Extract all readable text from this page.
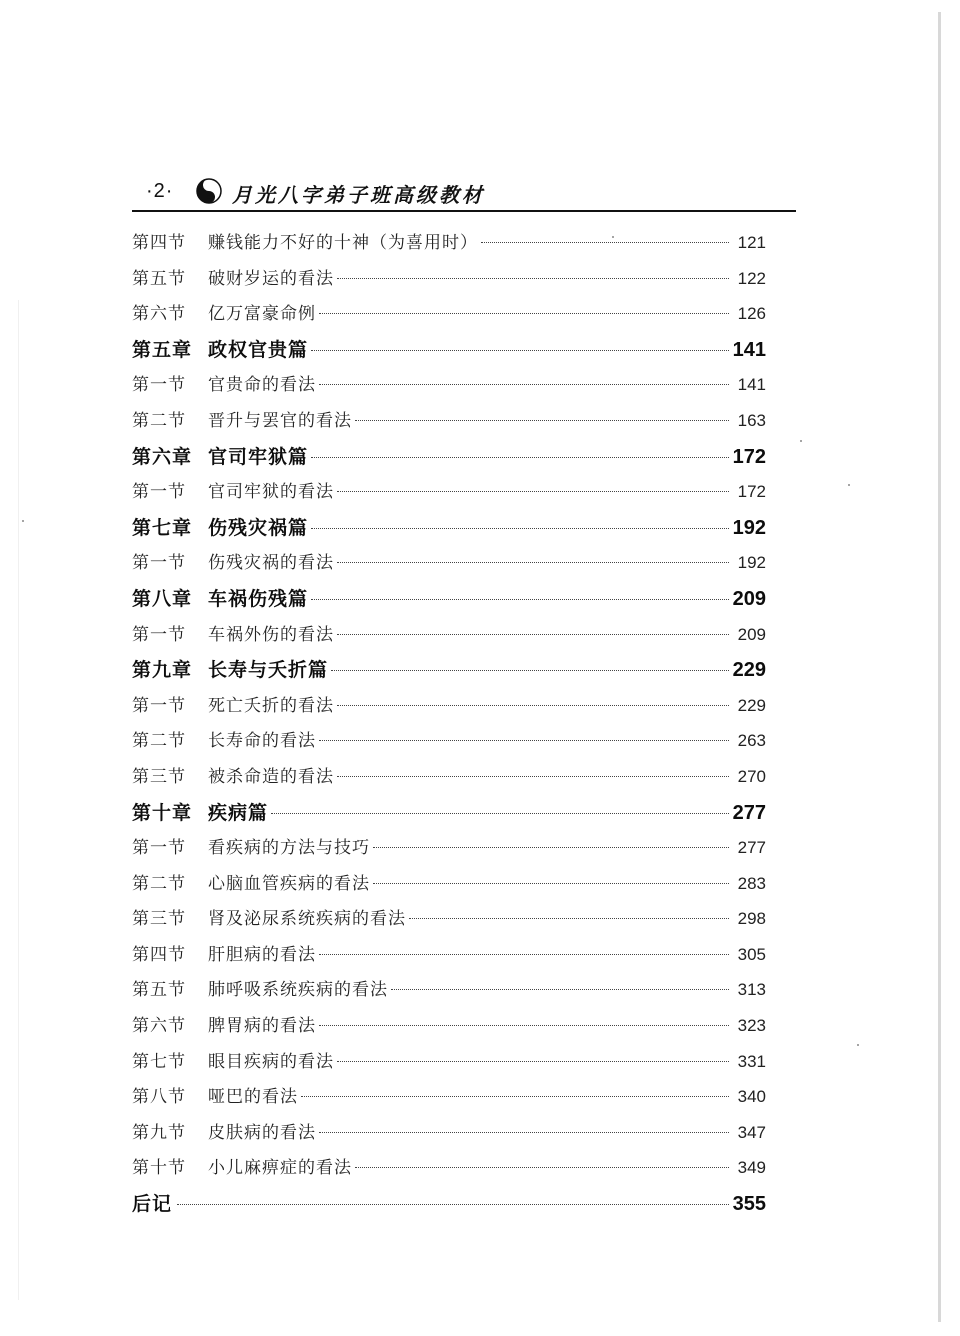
·2·	月光八字弟子班高级教材
第四节	赚钱能力不好的十神（为喜用时）	121
第五节	破财岁运的看法	122
第六节	亿万富豪命例	126
第五章 政权官贵篇	141
第一节	官贵命的看法	141
第二节	晋升与罢官的看法	163
第六章 官司牢狱篇	172
第一节	官司牢狱的看法	172
第七章 伤残灾祸篇	192
第一节	伤残灾祸的看法	192
第八章 车祸伤残篇	209
第一节	车祸外伤的看法	209
第九章 长寿与夭折篇	229
第一节	死亡夭折的看法	229
第二节	长寿命的看法	263
第三节	被杀命造的看法	270
第十章 疾病篇	277
第一节	看疾病的方法与技巧	277
第二节	心脑血管疾病的看法	283
第三节	肾及泌尿系统疾病的看法	298
第四节	肝胆病的看法	305
第五节	肺呼吸系统疾病的看法	313
第六节	脾胃病的看法	323
第七节	眼目疾病的看法	331
第八节	哑巴的看法	340
第九节	皮肤病的看法	347
第十节	小儿麻痹症的看法	349
后记	355
